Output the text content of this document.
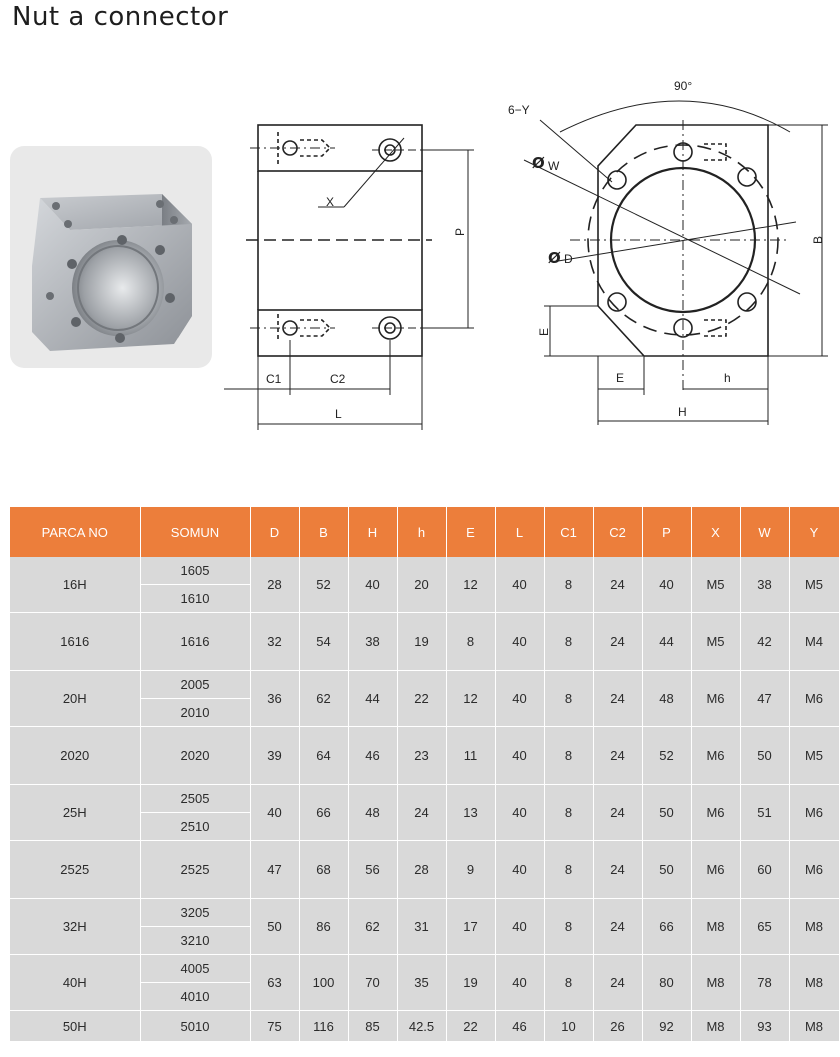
Nut a connector
X
P
C1	C2
L
90°
6−Y
Ø W
Ø D
B
E
E	h
H
PARCA NO	SOMUN	D	B	H	h	E	L	C1	C2	P	X	W	Y
16H	1605	28	52	40	20	12	40	8	24	40	M5	38	M5
	1610												
1616	1616	32	54	38	19	8	40	8	24	44	M5	42	M4
20H	2005	36	62	44	22	12	40	8	24	48	M6	47	M6
	2010												
2020	2020	39	64	46	23	11	40	8	24	52	M6	50	M5
25H	2505	40	66	48	24	13	40	8	24	50	M6	51	M6
	2510												
2525	2525	47	68	56	28	9	40	8	24	50	M6	60	M6
32H	3205	50	86	62	31	17	40	8	24	66	M8	65	M8
	3210												
40H	4005	63	100	70	35	19	40	8	24	80	M8	78	M8
	4010												
50H	5010	75	116	85	42.5	22	46	10	26	92	M8	93	M8
